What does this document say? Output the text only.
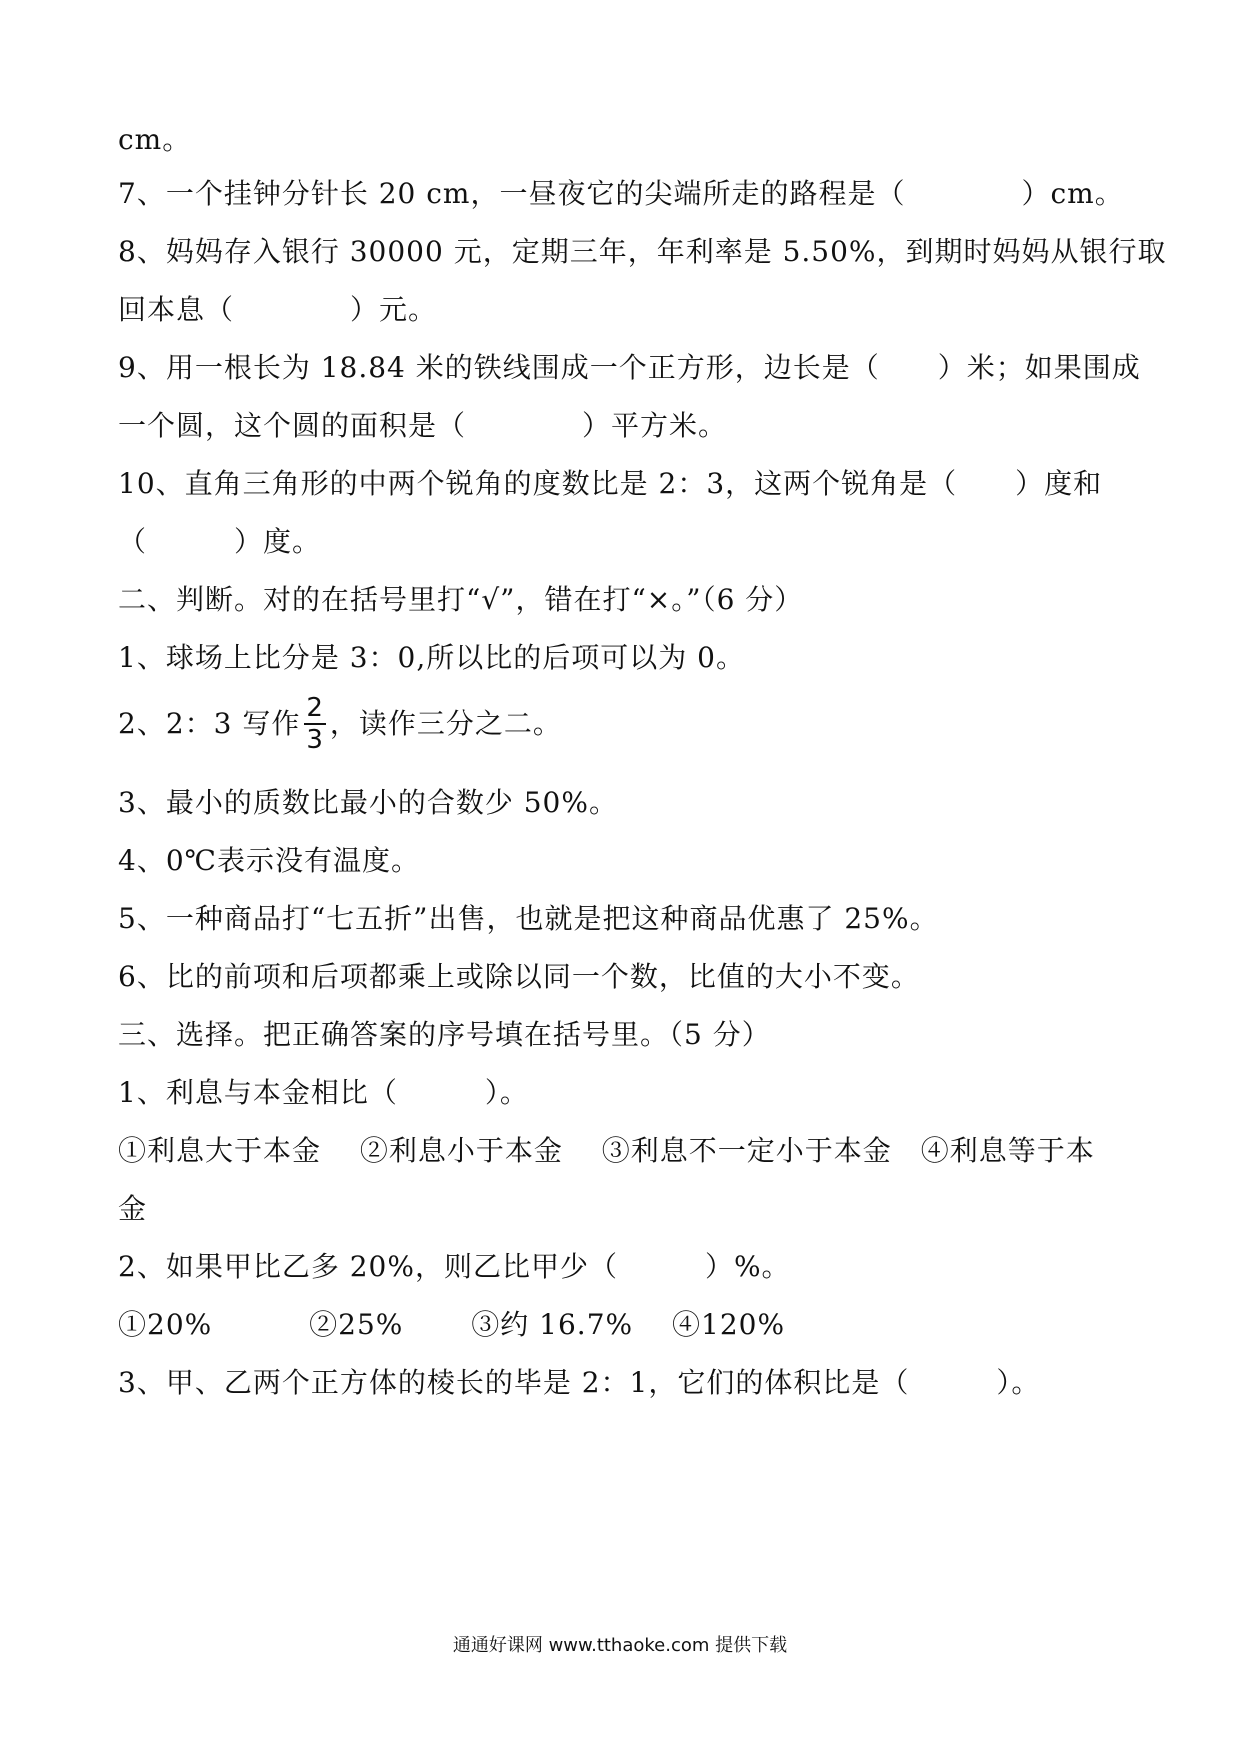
cm。
7、一个挂钟分针长 20 cm，一昼夜它的尖端所走的路程是（　　　　）cm。
8、妈妈存入银行 30000 元，定期三年，年利率是 5.50%，到期时妈妈从银行取
回本息（　　　　）元。
9、用一根长为 18.84 米的铁线围成一个正方形，边长是（　　）米；如果围成
一个圆，这个圆的面积是（　　　　）平方米。
10、直角三角形的中两个锐角的度数比是 2：3，这两个锐角是（　　）度和
（　　　）度。
二、判断。对的在括号里打“√”，错在打“×。”（6 分）
1、球场上比分是 3：0,所以比的后项可以为 0。
2、2：3 写作 $\frac{2}{3}$ ，读作三分之二。
3、最小的质数比最小的合数少 50%。
4、0℃表示没有温度。
5、一种商品打“七五折”出售，也就是把这种商品优惠了 25%。
6、比的前项和后项都乘上或除以同一个数，比值的大小不变。
三、选择。把正确答案的序号填在括号里。（5 分）
1、利息与本金相比（　　　）。
①利息大于本金　 ②利息小于本金　 ③利息不一定小于本金　④利息等于本
金
2、如果甲比乙多 20%，则乙比甲少（　　　）%。
①20%　　　 ②25%　　 ③约 16.7%　 ④120%
3、甲、乙两个正方体的棱长的毕是 2：1，它们的体积比是（　　　）。
通通好课网 www.tthaoke.com 提供下载
